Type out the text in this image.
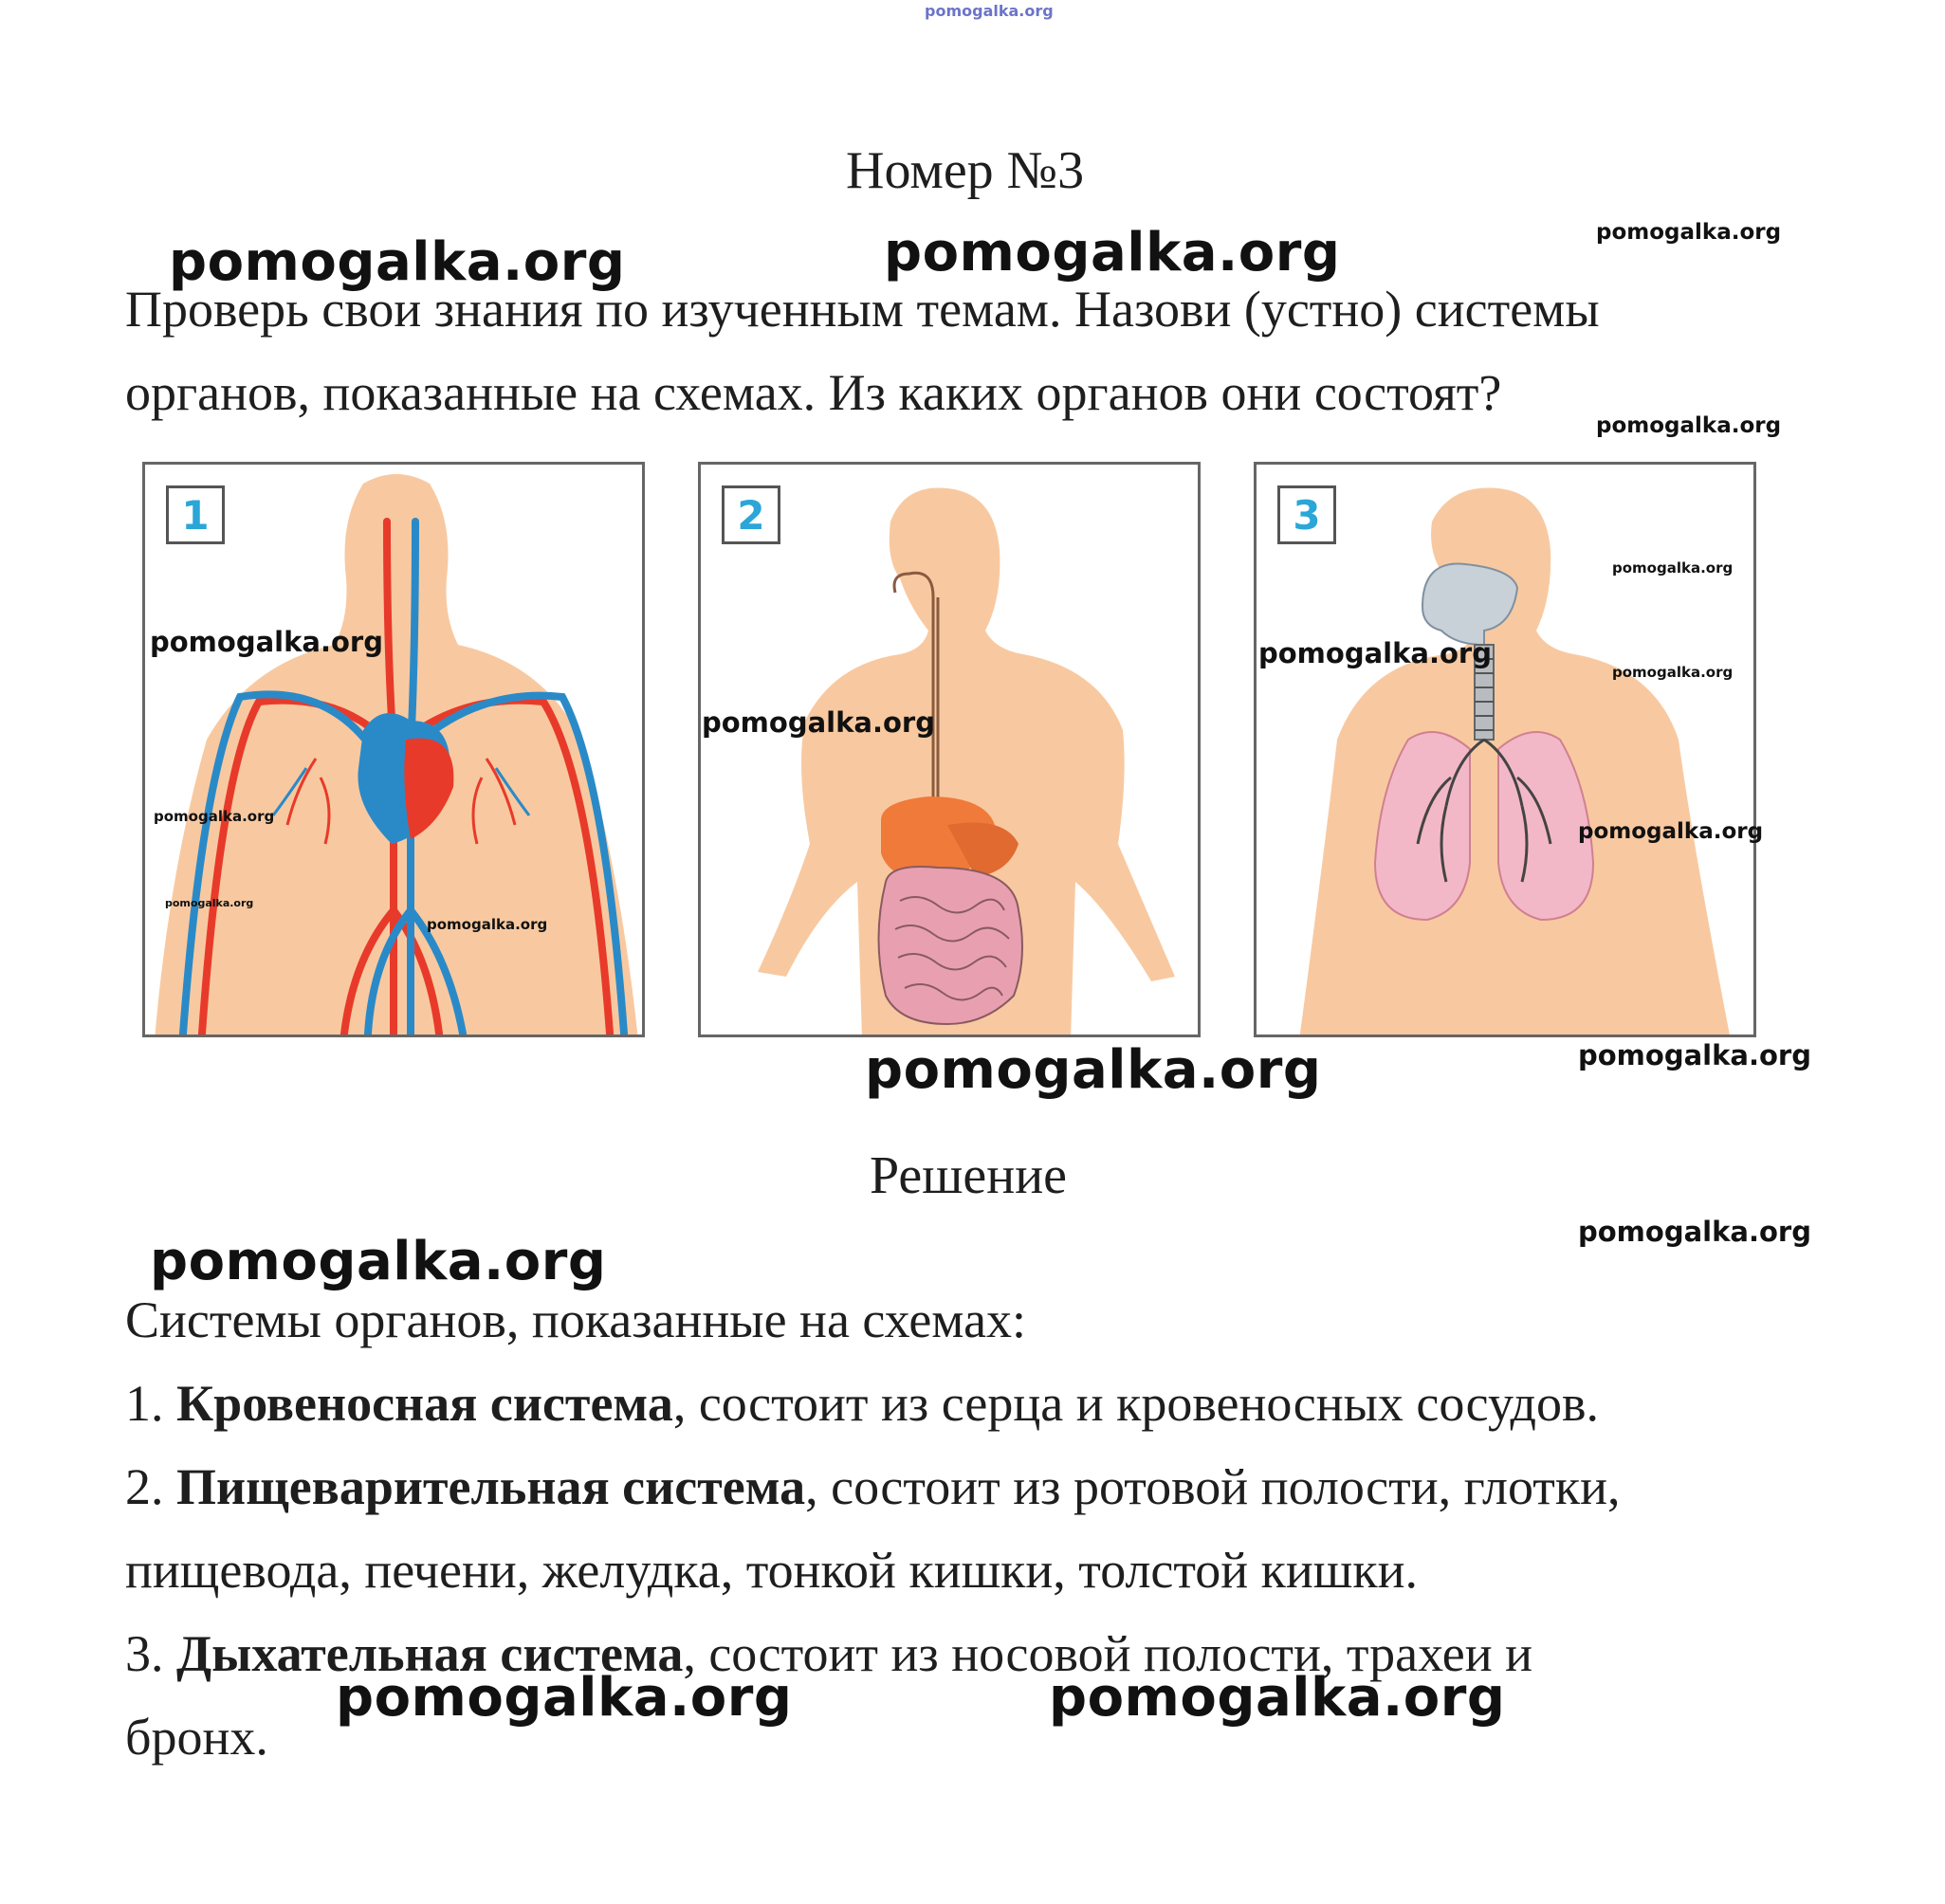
pomogalka.org
Номер №3
Проверь свои знания по изученным темам. Назови (устно) системы
органов, показанные на схемах. Из каких органов они состоят?
1	2	3
Решение
Системы органов, показанные на схемах:
1. Кровеносная система, состоит из серца и кровеносных сосудов.
2. Пищеварительная система, состоит из ротовой полости, глотки,
пищевода, печени, желудка, тонкой кишки, толстой кишки.
3. Дыхательная система, состоит из носовой полости, трахеи и
бронх.
pomogalka.org	pomogalka.org	pomogalka.org
pomogalka.org
pomogalka.org
pomogalka.org
pomogalka.org
pomogalka.org
pomogalka.org
pomogalka.org
pomogalka.org
pomogalka.org
pomogalka.org
pomogalka.org	pomogalka.org
pomogalka.org
pomogalka.org
pomogalka.org	pomogalka.org
